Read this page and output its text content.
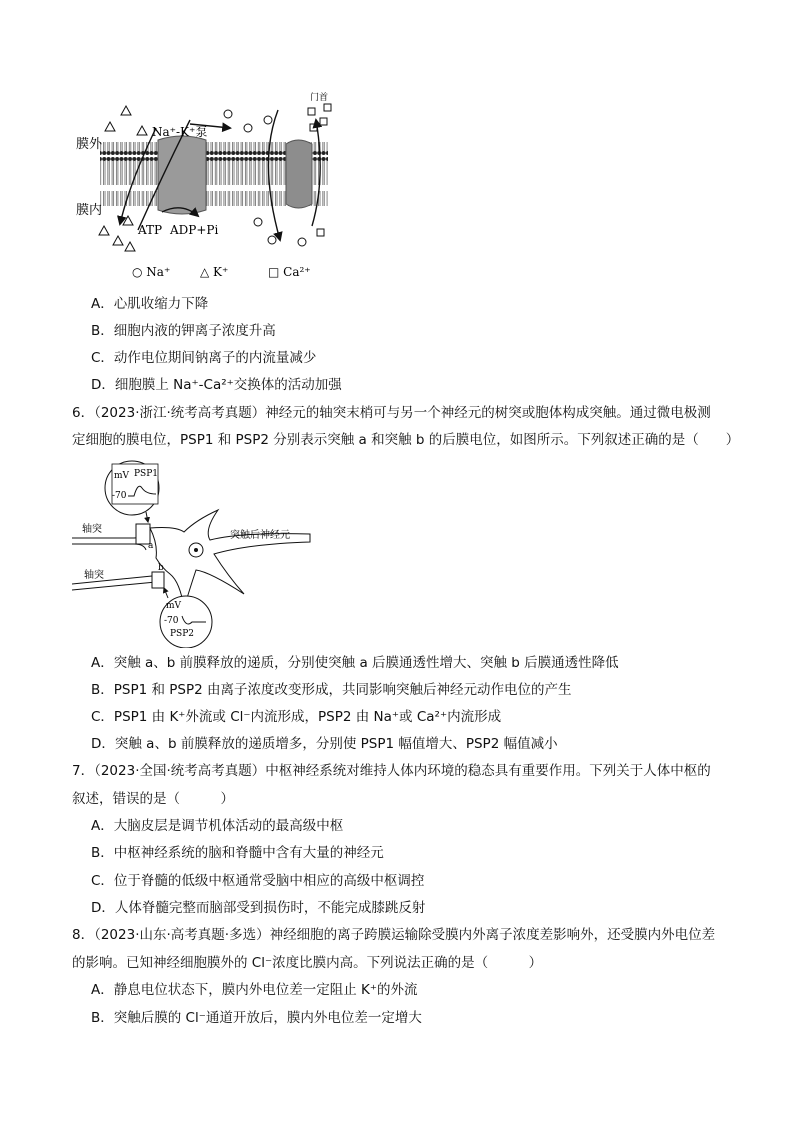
膜外
膜内
Na⁺-K⁺泵
ATP ADP+Pi
门首
○ Na⁺ △ K⁺	□ Ca²⁺
A．心肌收缩力下降
B．细胞内液的钾离子浓度升高
C．动作电位期间钠离子的内流量减少
D．细胞膜上 Na⁺-Ca²⁺交换体的活动加强
6．（2023·浙江·统考高考真题）神经元的轴突末梢可与另一个神经元的树突或胞体构成突触。通过微电极测
定细胞的膜电位，PSP1 和 PSP2 分别表示突触 a 和突触 b 的后膜电位，如图所示。下列叙述正确的是（　　）
PSP1
mV
-70
轴突
a
突触后神经元
轴突
b
mV
-70
PSP2
A．突触 a、b 前膜释放的递质，分别使突触 a 后膜通透性增大、突触 b 后膜通透性降低
B．PSP1 和 PSP2 由离子浓度改变形成，共同影响突触后神经元动作电位的产生
C．PSP1 由 K⁺外流或 Cl⁻内流形成，PSP2 由 Na⁺或 Ca²⁺内流形成
D．突触 a、b 前膜释放的递质增多，分别使 PSP1 幅值增大、PSP2 幅值减小
7．（2023·全国·统考高考真题）中枢神经系统对维持人体内环境的稳态具有重要作用。下列关于人体中枢的
叙述，错误的是（　　　）
A．大脑皮层是调节机体活动的最高级中枢
B．中枢神经系统的脑和脊髓中含有大量的神经元
C．位于脊髓的低级中枢通常受脑中相应的高级中枢调控
D．人体脊髓完整而脑部受到损伤时，不能完成膝跳反射
8．（2023·山东·高考真题·多选）神经细胞的离子跨膜运输除受膜内外离子浓度差影响外，还受膜内外电位差
的影响。已知神经细胞膜外的 Cl⁻浓度比膜内高。下列说法正确的是（　　　）
A．静息电位状态下，膜内外电位差一定阻止 K⁺的外流
B．突触后膜的 Cl⁻通道开放后，膜内外电位差一定增大
